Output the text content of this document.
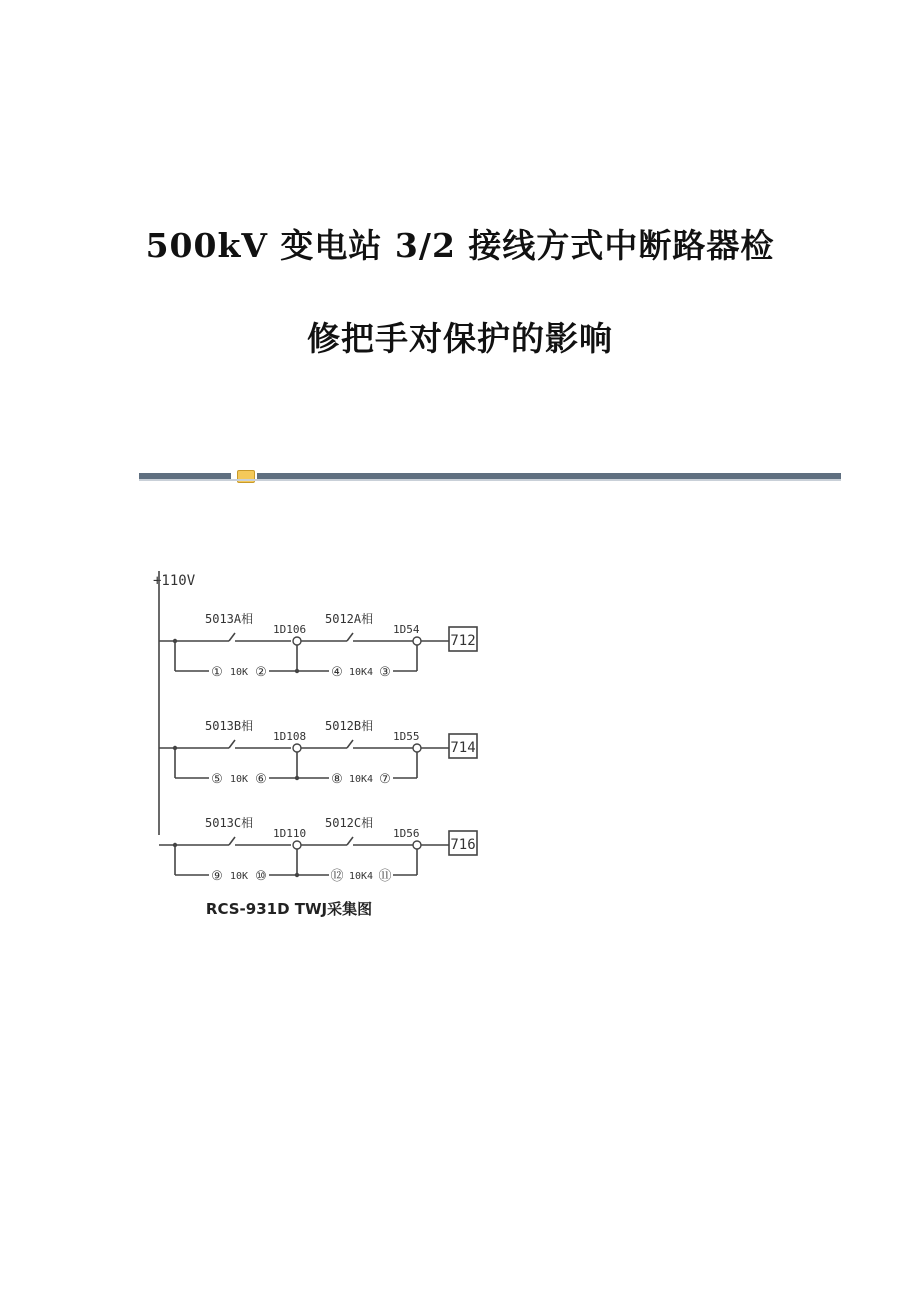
500kV 变电站 3/2 接线方式中断路器检
修把手对保护的影响
+110V
712
5013A相
1D106
5012A相
1D54
① 10K ②	④ 10K4 ③
714
5013B相
1D108
5012B相
1D55
⑤ 10K ⑥	⑧ 10K4 ⑦
716
5013C相
1D110
5012C相
1D56
⑨ 10K ⑩	⑫ 10K4 ⑪
RCS-931D TWJ采集图
